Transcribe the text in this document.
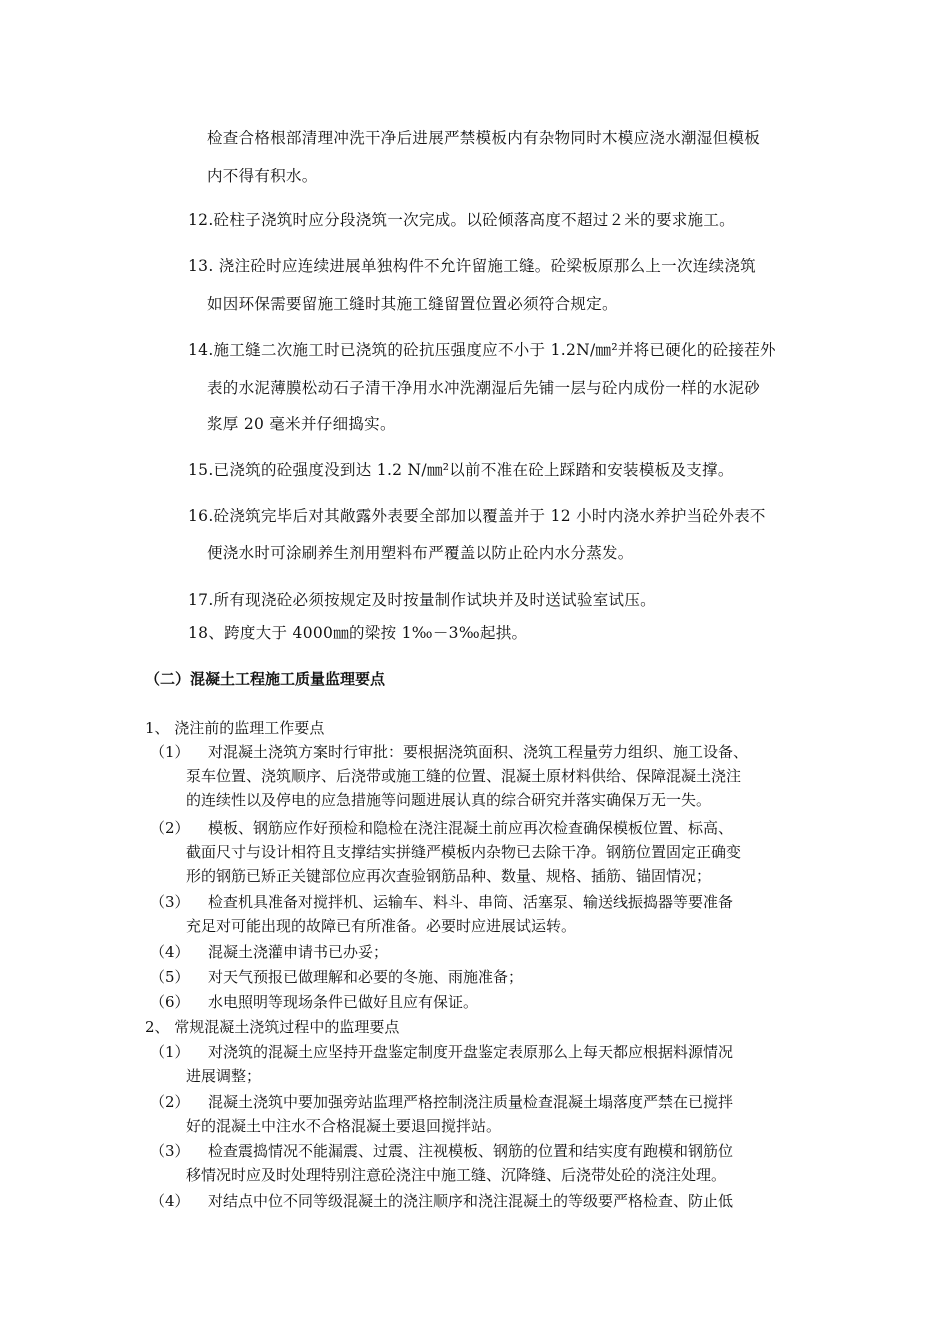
检查合格根部清理冲洗干净后进展严禁模板内有杂物同时木模应浇水潮湿但模板
内不得有积水。
12.砼柱子浇筑时应分段浇筑一次完成。以砼倾落高度不超过２米的要求施工。
13. 浇注砼时应连续进展单独构件不允许留施工缝。砼梁板原那么上一次连续浇筑
如因环保需要留施工缝时其施工缝留置位置必须符合规定。
14.施工缝二次施工时已浇筑的砼抗压强度应不小于 1.2N/㎜²并将已硬化的砼接茬外
表的水泥薄膜松动石子清干净用水冲洗潮湿后先铺一层与砼内成份一样的水泥砂
浆厚 20 毫米并仔细捣实。
15.已浇筑的砼强度没到达 1.2 N/㎜²以前不准在砼上踩踏和安装模板及支撑。
16.砼浇筑完毕后对其敞露外表要全部加以覆盖并于 12 小时内浇水养护当砼外表不
便浇水时可涂刷养生剂用塑料布严覆盖以防止砼内水分蒸发。
17.所有现浇砼必须按规定及时按量制作试块并及时送试验室试压。
18、跨度大于 4000㎜的梁按 1‰－3‰起拱。
（二）混凝土工程施工质量监理要点
1、 浇注前的监理工作要点
（1） 对混凝土浇筑方案时行审批：要根据浇筑面积、浇筑工程量劳力组织、施工设备、
泵车位置、浇筑顺序、后浇带或施工缝的位置、混凝土原材料供给、保障混凝土浇注
的连续性以及停电的应急措施等问题进展认真的综合研究并落实确保万无一失。
（2） 模板、钢筋应作好预检和隐检在浇注混凝土前应再次检查确保模板位置、标高、
截面尺寸与设计相符且支撑结实拼缝严模板内杂物已去除干净。钢筋位置固定正确变
形的钢筋已矫正关键部位应再次查验钢筋品种、数量、规格、插筋、锚固情况；
（3） 检查机具准备对搅拌机、运输车、料斗、串筒、活塞泵、输送线振捣器等要准备
充足对可能出现的故障已有所准备。必要时应进展试运转。
（4） 混凝土浇灌申请书已办妥；
（5） 对天气预报已做理解和必要的冬施、雨施准备；
（6） 水电照明等现场条件已做好且应有保证。
2、 常规混凝土浇筑过程中的监理要点
（1） 对浇筑的混凝土应坚持开盘鉴定制度开盘鉴定表原那么上每天都应根据料源情况
进展调整；
（2） 混凝土浇筑中要加强旁站监理严格控制浇注质量检查混凝土塌落度严禁在已搅拌
好的混凝土中注水不合格混凝土要退回搅拌站。
（3） 检查震捣情况不能漏震、过震、注视模板、钢筋的位置和结实度有跑模和钢筋位
移情况时应及时处理特别注意砼浇注中施工缝、沉降缝、后浇带处砼的浇注处理。
（4） 对结点中位不同等级混凝土的浇注顺序和浇注混凝土的等级要严格检查、防止低
